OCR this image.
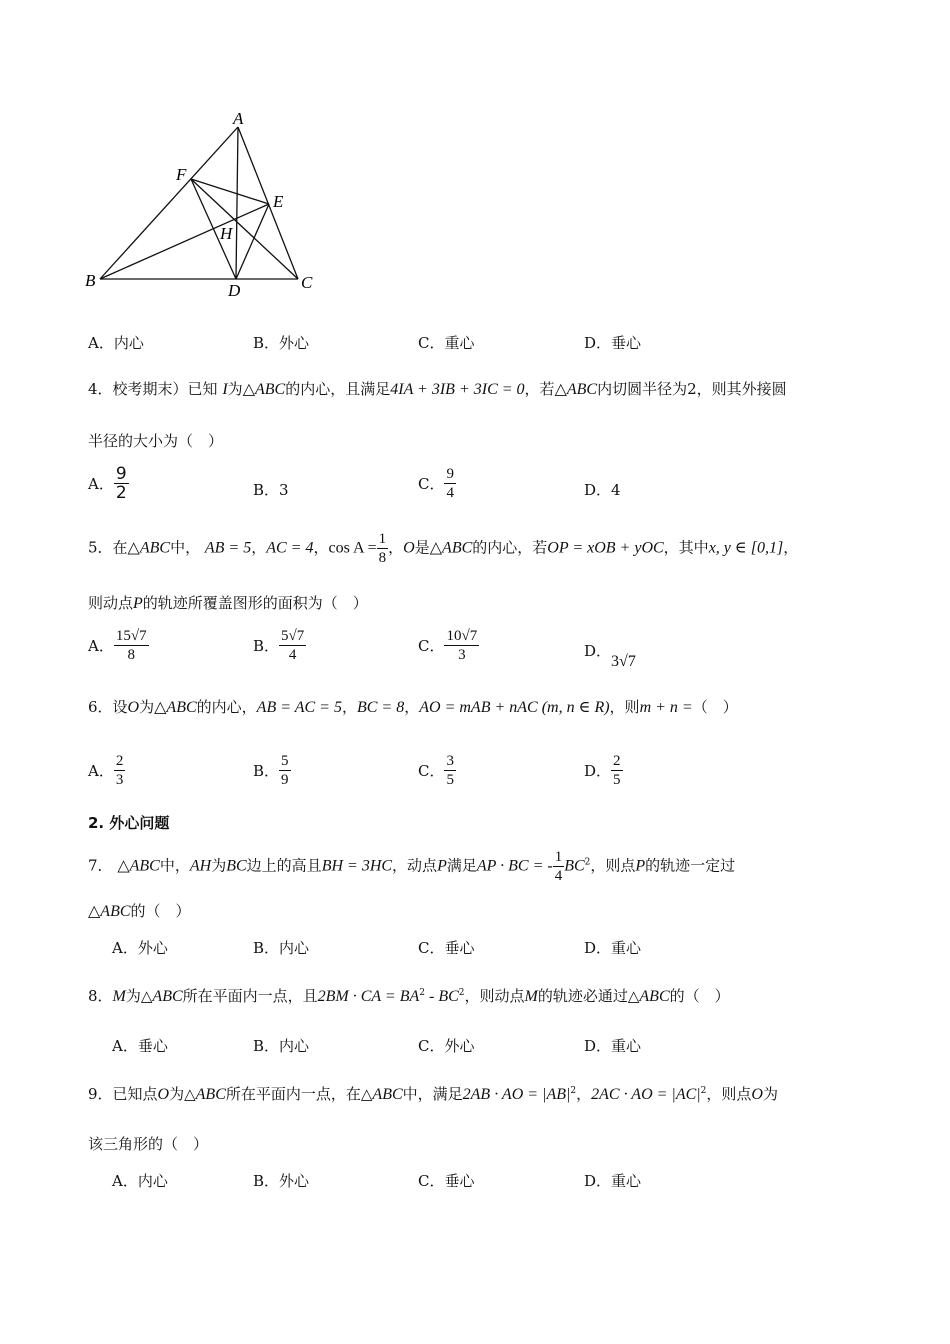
A
F
E
H
B
D	C
A．内心	B．外心	C．重心	D．垂心
4．校考期末）已知 I为△ABC的内心，且满足4IA + 3IB + 3IC = 0，若△ABC内切圆半径为2，则其外接圆
半径的大小为（　）
A． $\frac{9}{2}$	B．3	C． $\frac{9}{4}$	D．4
5．在△ABC中， AB = 5，AC = 4，$\cos A = \frac{1}{8}$ ，O是△ABC的内心，若OP = xOB + yOC，其中x, y ∈ [0,1]，
则动点P的轨迹所覆盖图形的面积为（　）
A． $\frac{15√7}{8}$	B． $\frac{5√7}{4}$	C． $\frac{10√7}{3}$	D．3√7
6．设O为△ABC的内心，AB = AC = 5，BC = 8，AO = mAB + nAC (m, n ∈ R)，则m + n =（　）
A． $\frac{2}{3}$	B． $\frac{5}{9}$	C． $\frac{3}{5}$	D． $\frac{2}{5}$
2. 外心问题
7． △ABC中，AH为BC边上的高且BH = 3HC，动点P满足AP · BC = - $\frac{1}{4} BC^2$，则点P的轨迹一定过
△ABC的（　）
A．外心	B．内心	C．垂心	D．重心
8．M为△ABC所在平面内一点，且2BM · CA = $BA^2 - BC^2$，则动点M的轨迹必通过△ABC的（　）
A．垂心	B．内心	C．外心	D．重心
9．已知点O为△ABC所在平面内一点，在△ABC中，满足2AB · AO = $|AB|^2$，2AC · AO = $|AC|^2$，则点O为
该三角形的（　）
A．内心	B．外心	C．垂心	D．重心
